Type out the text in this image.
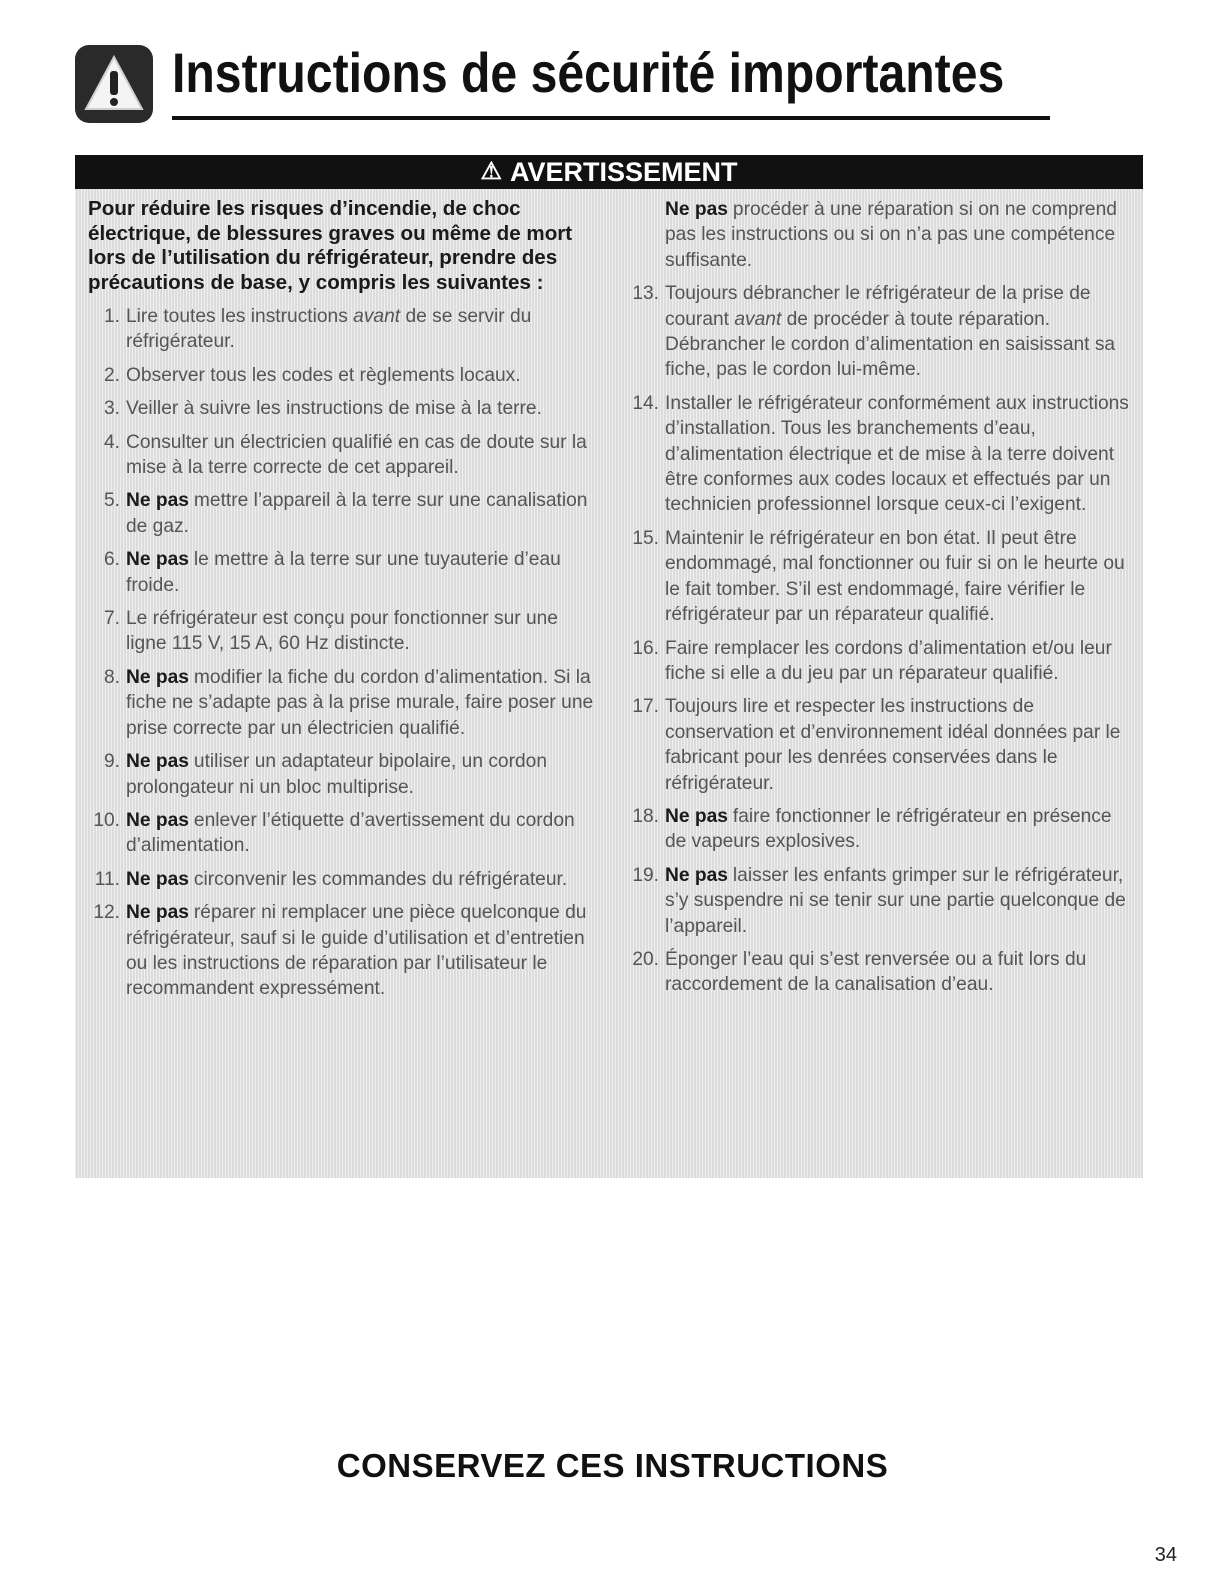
Instructions de sécurité importantes
⚠ AVERTISSEMENT
Pour réduire les risques d’incendie, de choc électrique, de blessures graves ou même de mort lors de l’utilisation du réfrigérateur, prendre des précautions de base, y compris les suivantes :
1. Lire toutes les instructions avant de se servir du réfrigérateur.
2. Observer tous les codes et règlements locaux.
3. Veiller à suivre les instructions de mise à la terre.
4. Consulter un électricien qualifié en cas de doute sur la mise à la terre correcte de cet appareil.
5. Ne pas mettre l’appareil à la terre sur une canalisation de gaz.
6. Ne pas le mettre à la terre sur une tuyauterie d’eau froide.
7. Le réfrigérateur est conçu pour fonctionner sur une ligne 115 V, 15 A, 60 Hz distincte.
8. Ne pas modifier la fiche du cordon d’alimentation. Si la fiche ne s’adapte pas à la prise murale, faire poser une prise correcte par un électricien qualifié.
9. Ne pas utiliser un adaptateur bipolaire, un cordon prolongateur ni un bloc multiprise.
10. Ne pas enlever l’étiquette d’avertissement du cordon d’alimentation.
11. Ne pas circonvenir les commandes du réfrigérateur.
12. Ne pas réparer ni remplacer une pièce quelconque du réfrigérateur, sauf si le guide d’utilisation et d’entretien ou les instructions de réparation par l’utilisateur le recommandent expressément.
Ne pas procéder à une réparation si on ne comprend pas les instructions ou si on n’a pas une compétence suffisante.
13. Toujours débrancher le réfrigérateur de la prise de courant avant de procéder à toute réparation. Débrancher le cordon d’alimentation en saisissant sa fiche, pas le cordon lui-même.
14. Installer le réfrigérateur conformément aux instructions d’installation. Tous les branchements d’eau, d’alimentation électrique et de mise à la terre doivent être conformes aux codes locaux et effectués par un technicien professionnel lorsque ceux-ci l’exigent.
15. Maintenir le réfrigérateur en bon état. Il peut être endommagé, mal fonctionner ou fuir si on le heurte ou le fait tomber. S’il est endommagé, faire vérifier le réfrigérateur par un réparateur qualifié.
16. Faire remplacer les cordons d’alimentation et/ou leur fiche si elle a du jeu par un réparateur qualifié.
17. Toujours lire et respecter les instructions de conservation et d’environnement idéal données par le fabricant pour les denrées conservées dans le réfrigérateur.
18. Ne pas faire fonctionner le réfrigérateur en présence de vapeurs explosives.
19. Ne pas laisser les enfants grimper sur le réfrigérateur, s’y suspendre ni se tenir sur une partie quelconque de l’appareil.
20. Éponger l’eau qui s’est renversée ou a fuit lors du raccordement de la canalisation d’eau.
CONSERVEZ CES INSTRUCTIONS
34
